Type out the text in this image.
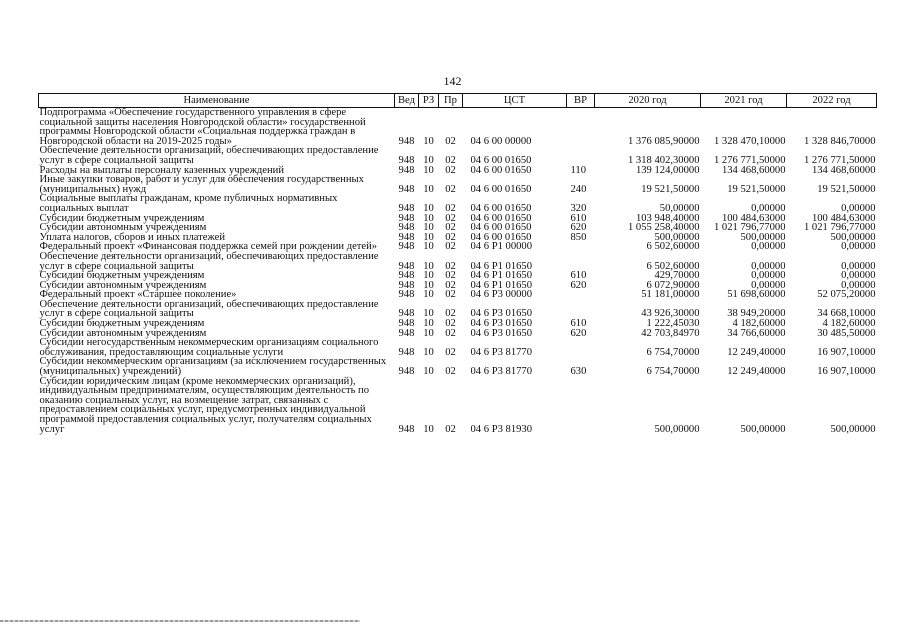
142
Наименование	Вед	РЗ	Пр	ЦСТ	ВР	2020 год	2021 год	2022 год
Подпрограмма «Обеспечение государственного управления в сфере социальной защиты населения Новгородской области» государственной программы Новгородской области «Социальная поддержка граждан в Новгородской области на 2019-2025 годы»	948	10	02	04 6 00 00000		1 376 085,90000	1 328 470,10000	1 328 846,70000
Обеспечение деятельности организаций, обеспечивающих предоставление услуг в сфере социальной защиты	948	10	02	04 6 00 01650		1 318 402,30000	1 276 771,50000	1 276 771,50000
Расходы на выплаты персоналу казенных учреждений	948	10	02	04 6 00 01650	110	139 124,00000	134 468,60000	134 468,60000
Иные закупки товаров, работ и услуг для обеспечения государственных (муниципальных) нужд	948	10	02	04 6 00 01650	240	19 521,50000	19 521,50000	19 521,50000
Социальные выплаты гражданам, кроме публичных нормативных социальных выплат	948	10	02	04 6 00 01650	320	50,00000	0,00000	0,00000
Субсидии бюджетным учреждениям	948	10	02	04 6 00 01650	610	103 948,40000	100 484,63000	100 484,63000
Субсидии автономным учреждениям	948	10	02	04 6 00 01650	620	1 055 258,40000	1 021 796,77000	1 021 796,77000
Уплата налогов, сборов и иных платежей	948	10	02	04 6 00 01650	850	500,00000	500,00000	500,00000
Федеральный проект «Финансовая поддержка семей при рождении детей»	948	10	02	04 6 P1 00000		6 502,60000	0,00000	0,00000
Обеспечение деятельности организаций, обеспечивающих предоставление услуг в сфере социальной защиты	948	10	02	04 6 P1 01650		6 502,60000	0,00000	0,00000
Субсидии бюджетным учреждениям	948	10	02	04 6 P1 01650	610	429,70000	0,00000	0,00000
Субсидии автономным учреждениям	948	10	02	04 6 P1 01650	620	6 072,90000	0,00000	0,00000
Федеральный проект «Старшее поколение»	948	10	02	04 6 P3 00000		51 181,00000	51 698,60000	52 075,20000
Обеспечение деятельности организаций, обеспечивающих предоставление услуг в сфере социальной защиты	948	10	02	04 6 P3 01650		43 926,30000	38 949,20000	34 668,10000
Субсидии бюджетным учреждениям	948	10	02	04 6 P3 01650	610	1 222,45030	4 182,60000	4 182,60000
Субсидии автономным учреждениям	948	10	02	04 6 P3 01650	620	42 703,84970	34 766,60000	30 485,50000
Субсидии негосударственным некоммерческим организациям социального обслуживания, предоставляющим социальные услуги	948	10	02	04 6 P3 81770		6 754,70000	12 249,40000	16 907,10000
Субсидии некоммерческим организациям (за исключением государственных (муниципальных) учреждений)	948	10	02	04 6 P3 81770	630	6 754,70000	12 249,40000	16 907,10000
Субсидии юридическим лицам (кроме некоммерческих организаций), индивидуальным предпринимателям, осуществляющим деятельность по оказанию социальных услуг, на возмещение затрат, связанных с предоставлением социальных услуг, предусмотренных индивидуальной программой предоставления социальных услуг, получателям социальных услуг	948	10	02	04 6 P3 81930		500,00000	500,00000	500,00000
